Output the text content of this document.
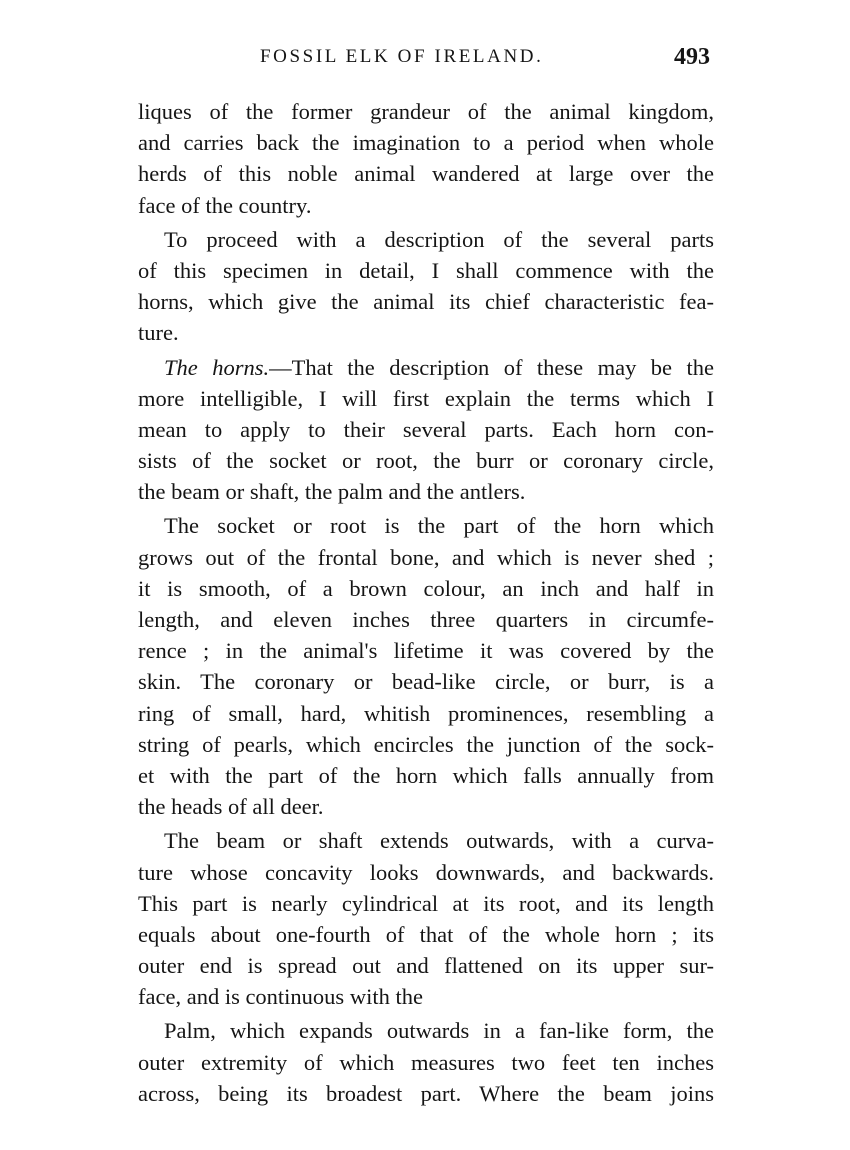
FOSSIL ELK OF IRELAND.	493
liques of the former grandeur of the animal kingdom,
and carries back the imagination to a period when whole
herds of this noble animal wandered at large over the
face of the country.
To proceed with a description of the several parts
of this specimen in detail, I shall commence with the
horns, which give the animal its chief characteristic fea-
ture.
The horns.—That the description of these may be the
more intelligible, I will first explain the terms which I
mean to apply to their several parts. Each horn con-
sists of the socket or root, the burr or coronary circle,
the beam or shaft, the palm and the antlers.
The socket or root is the part of the horn which
grows out of the frontal bone, and which is never shed ;
it is smooth, of a brown colour, an inch and half in
length, and eleven inches three quarters in circumfe-
rence ; in the animal's lifetime it was covered by the
skin. The coronary or bead-like circle, or burr, is a
ring of small, hard, whitish prominences, resembling a
string of pearls, which encircles the junction of the sock-
et with the part of the horn which falls annually from
the heads of all deer.
The beam or shaft extends outwards, with a curva-
ture whose concavity looks downwards, and backwards.
This part is nearly cylindrical at its root, and its length
equals about one-fourth of that of the whole horn ; its
outer end is spread out and flattened on its upper sur-
face, and is continuous with the
Palm, which expands outwards in a fan-like form, the
outer extremity of which measures two feet ten inches
across, being its broadest part. Where the beam joins
